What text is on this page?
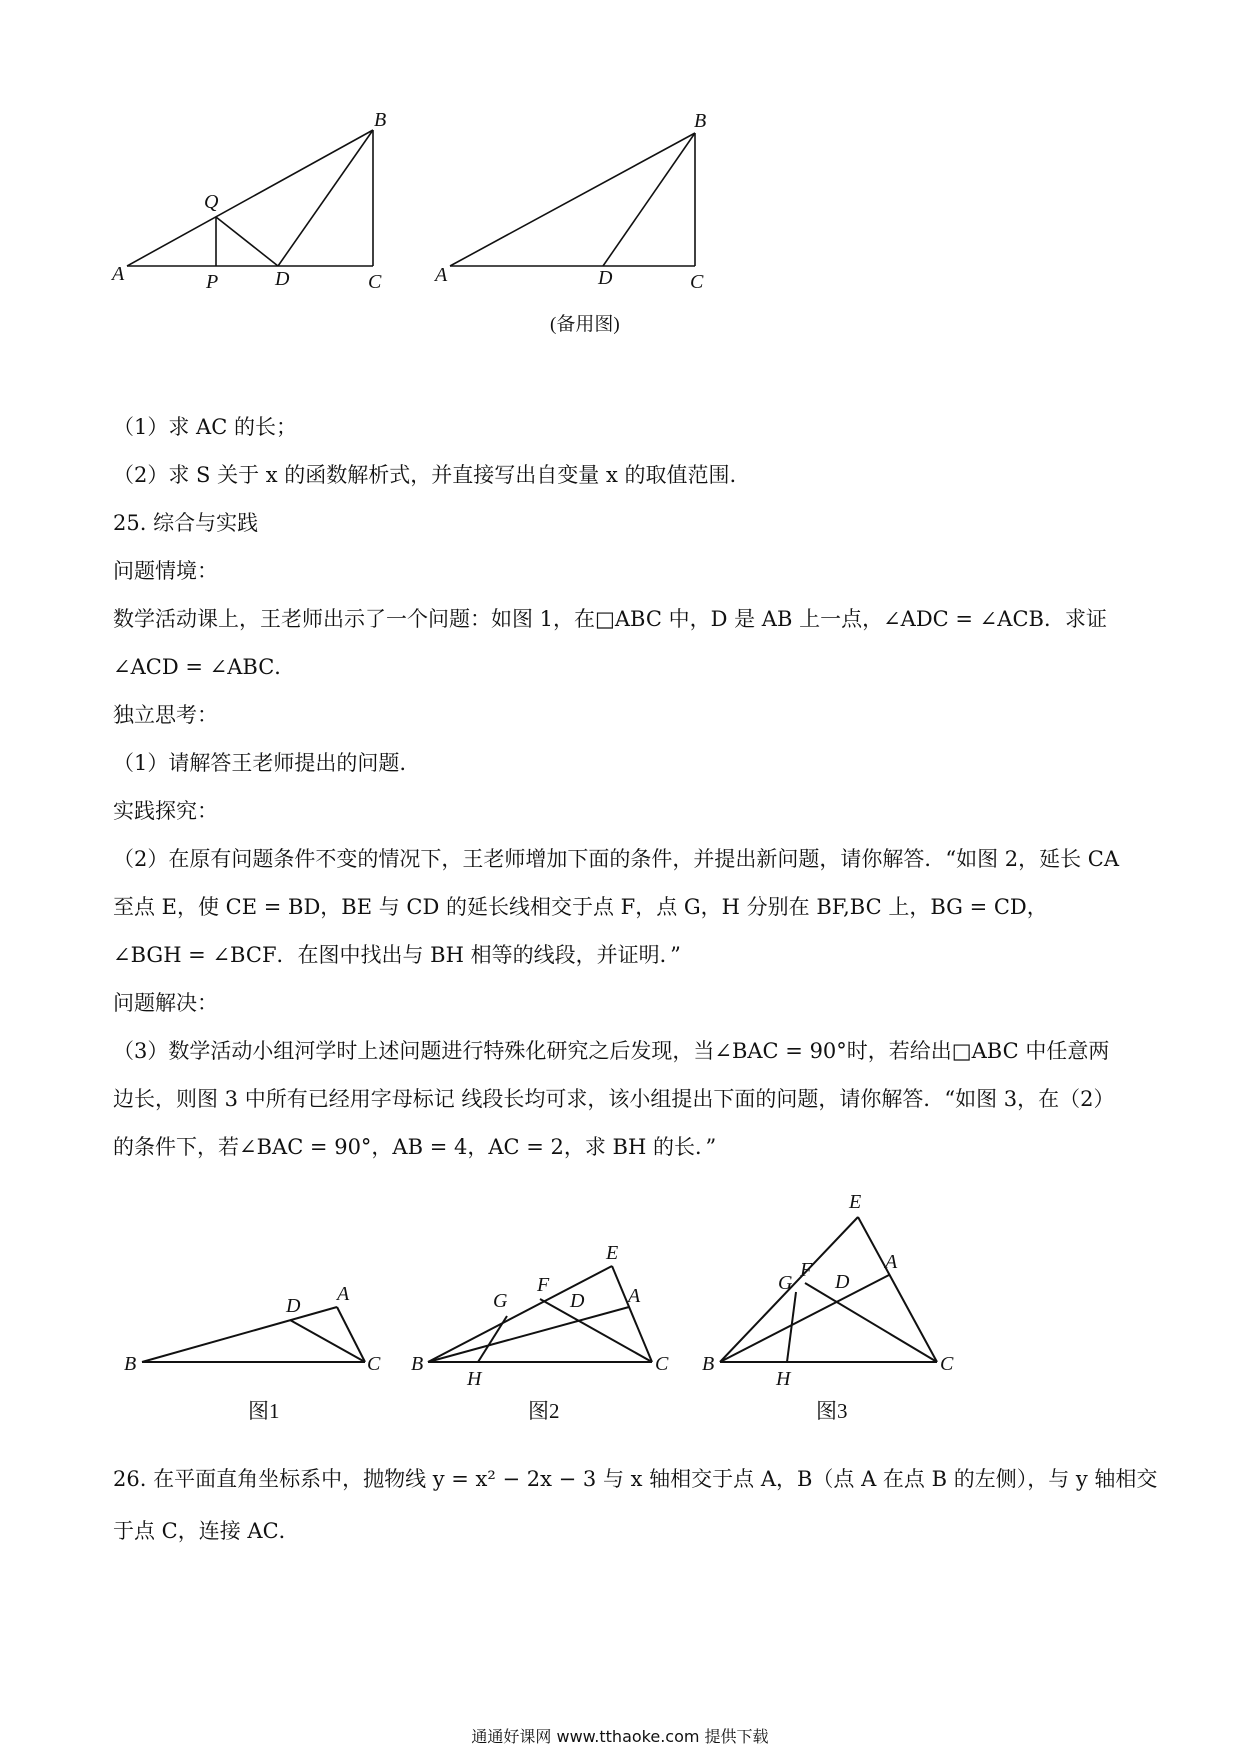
A
B
C
D
P
Q
A
B
C
D
(备用图)
（1）求 AC 的长；
（2）求 S 关于 x 的函数解析式，并直接写出自变量 x 的取值范围.
25. 综合与实践
问题情境：
数学活动课上，王老师出示了一个问题：如图 1，在□ABC 中，D 是 AB 上一点，∠ADC = ∠ACB．求证
∠ACD = ∠ABC．
独立思考：
（1）请解答王老师提出的问题.
实践探究：
（2）在原有问题条件不变的情况下，王老师增加下面的条件，并提出新问题，请你解答．“如图 2，延长 CA
至点 E，使 CE = BD，BE 与 CD 的延长线相交于点 F，点 G，H 分别在 BF,BC 上，BG = CD，
∠BGH = ∠BCF．在图中找出与 BH 相等的线段，并证明．”
问题解决：
（3）数学活动小组河学时上述问题进行特殊化研究之后发现，当∠BAC = 90°时，若给出□ABC 中任意两
边长，则图 3 中所有已经用字母标记 线段长均可求，该小组提出下面的问题，请你解答．“如图 3，在（2）
的条件下，若∠BAC = 90°，AB = 4，AC = 2，求 BH 的长．”
B	C
A
D
图1
B	C
E
A
F
D
G
H
图2
B	C
E
A
F
D
G
H
图3
26. 在平面直角坐标系中，抛物线 y = x² − 2x − 3 与 x 轴相交于点 A，B（点 A 在点 B 的左侧），与 y 轴相交
于点 C，连接 AC．
通通好课网 www.tthaoke.com 提供下载
